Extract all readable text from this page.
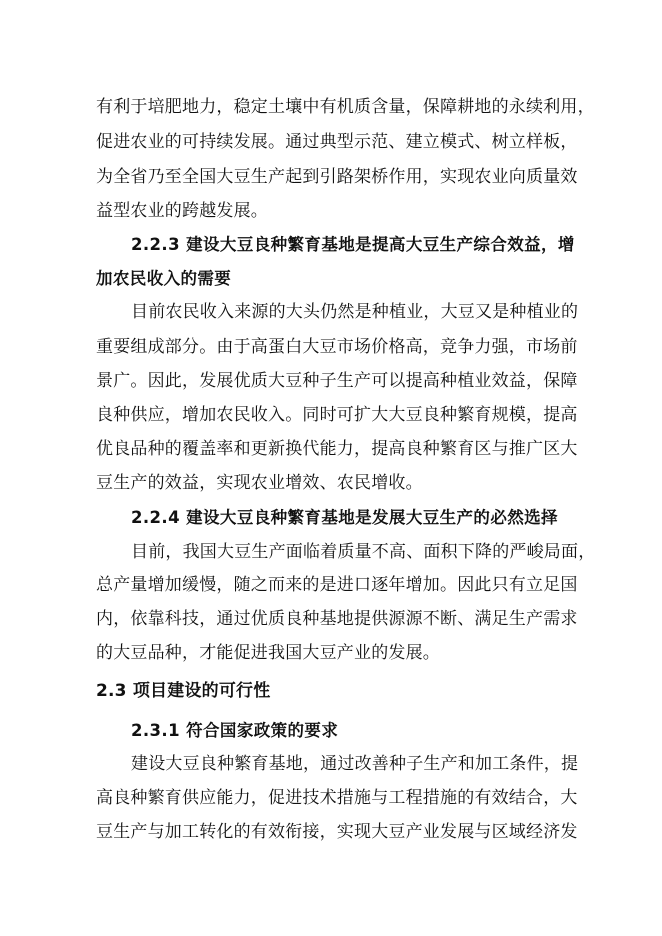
有利于培肥地力，稳定土壤中有机质含量，保障耕地的永续利用，
促进农业的可持续发展。通过典型示范、建立模式、树立样板，
为全省乃至全国大豆生产起到引路架桥作用，实现农业向质量效
益型农业的跨越发展。
2.2.3 建设大豆良种繁育基地是提高大豆生产综合效益，增
加农民收入的需要
目前农民收入来源的大头仍然是种植业，大豆又是种植业的
重要组成部分。由于高蛋白大豆市场价格高，竞争力强，市场前
景广。因此，发展优质大豆种子生产可以提高种植业效益，保障
良种供应，增加农民收入。同时可扩大大豆良种繁育规模，提高
优良品种的覆盖率和更新换代能力，提高良种繁育区与推广区大
豆生产的效益，实现农业增效、农民增收。
2.2.4 建设大豆良种繁育基地是发展大豆生产的必然选择
目前，我国大豆生产面临着质量不高、面积下降的严峻局面，
总产量增加缓慢，随之而来的是进口逐年增加。因此只有立足国
内，依靠科技，通过优质良种基地提供源源不断、满足生产需求
的大豆品种，才能促进我国大豆产业的发展。
2.3 项目建设的可行性
2.3.1 符合国家政策的要求
建设大豆良种繁育基地，通过改善种子生产和加工条件，提
高良种繁育供应能力，促进技术措施与工程措施的有效结合，大
豆生产与加工转化的有效衔接，实现大豆产业发展与区域经济发
